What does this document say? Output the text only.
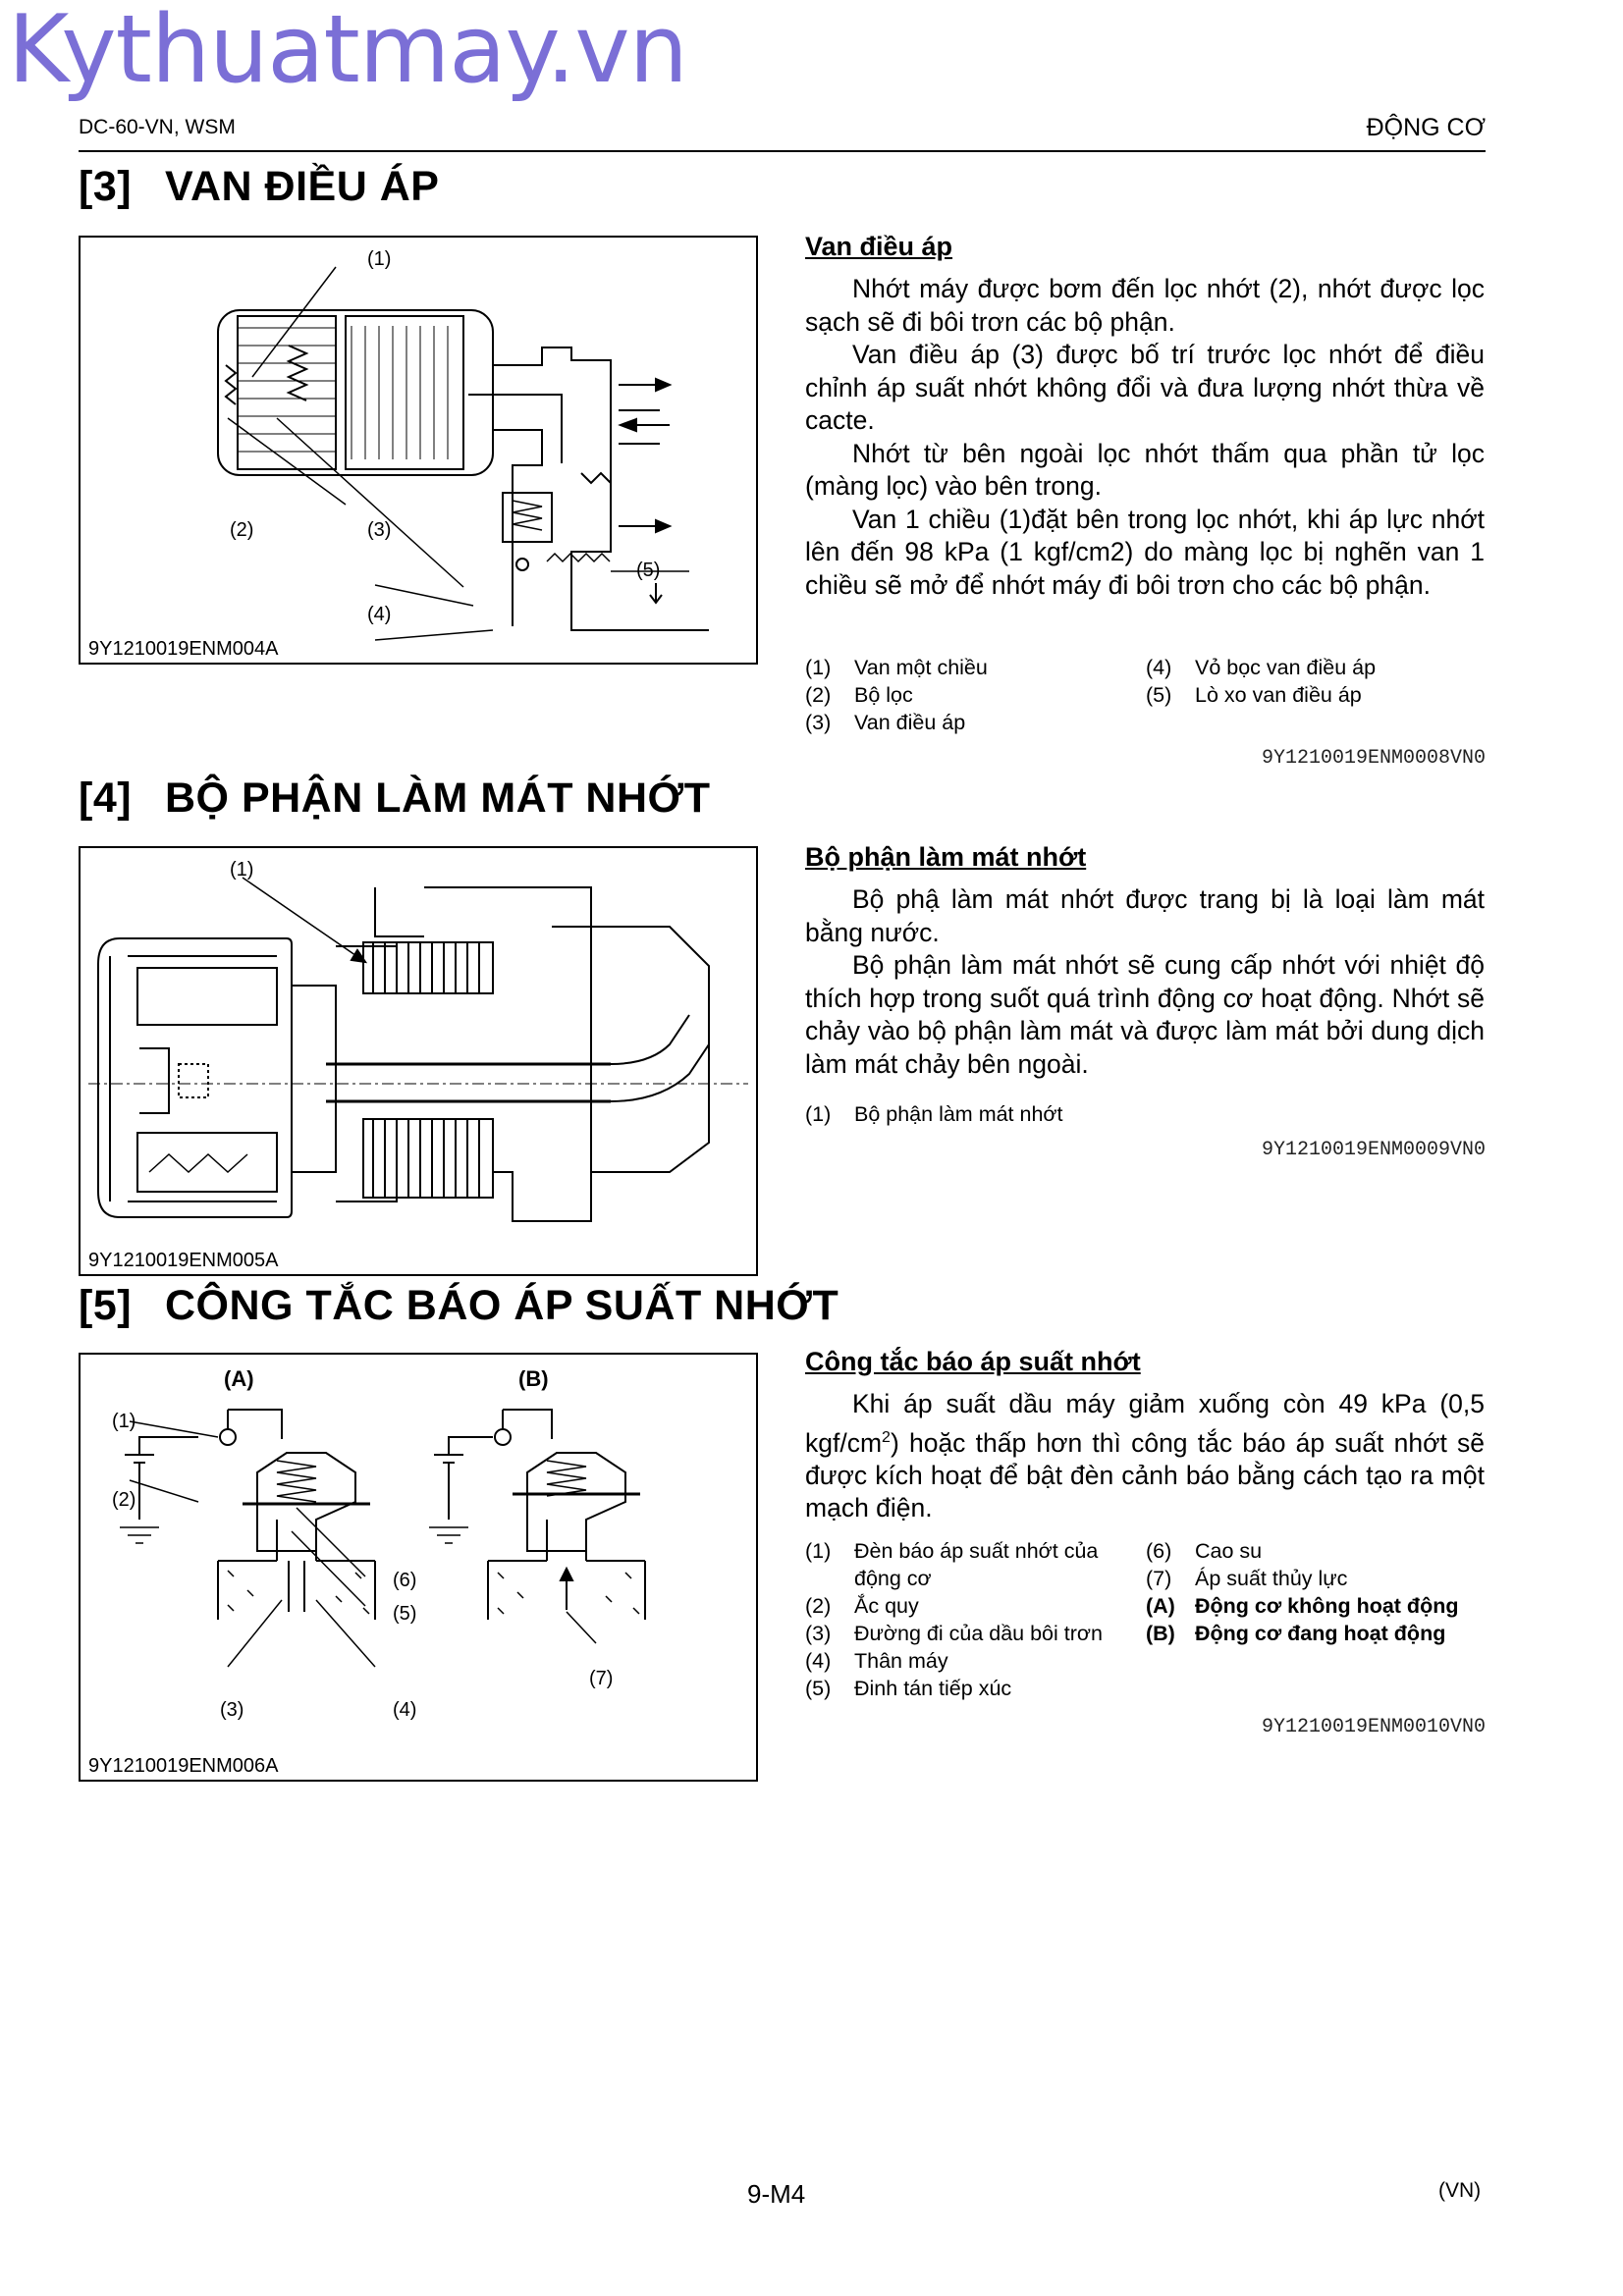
Kythuatmay.vn
DC-60-VN, WSM	ĐỘNG CƠ
[3] VAN ĐIỀU ÁP
(1)
(2)	(3)
(4)
(5)
9Y1210019ENM004A
Van điều áp

Nhớt máy được bơm đến lọc nhớt (2), nhớt được lọc sạch sẽ đi bôi trơn các bộ phận.

Van điều áp (3) được bố trí trước lọc nhớt để điều chỉnh áp suất nhớt không đổi và đưa lượng nhớt thừa về cacte.

Nhớt từ bên ngoài lọc nhớt thấm qua phần tử lọc (màng lọc) vào bên trong.

Van 1 chiều (1)đặt bên trong lọc nhớt, khi áp lực nhớt lên đến 98 kPa (1 kgf/cm2) do màng lọc bị nghẽn van 1 chiều sẽ mở để nhớt máy đi bôi trơn cho các bộ phận.

(1)	Van một chiều
(2)	Bộ lọc
(3)	Van điều áp
(4)	Vỏ bọc van điều áp
(5)	Lò xo van điều áp
9Y1210019ENM0008VN0
[4] BỘ PHẬN LÀM MÁT NHỚT
(1)
9Y1210019ENM005A
Bộ phận làm mát nhớt

Bộ phậ làm mát nhớt được trang bị là loại làm mát bằng nước.

Bộ phận làm mát nhớt sẽ cung cấp nhớt với nhiệt độ thích hợp trong suốt quá trình động cơ hoạt động. Nhớt sẽ chảy vào bộ phận làm mát và được làm mát bởi dung dịch làm mát chảy bên ngoài.

(1)	Bộ phận làm mát nhớt
9Y1210019ENM0009VN0
[5] CÔNG TẮC BÁO ÁP SUẤT NHỚT
(A)	(B)
(1)
(2)
(3)	(4)
(5)
(6)
(7)
9Y1210019ENM006A
Công tắc báo áp suất nhớt

Khi áp suất dầu máy giảm xuống còn 49 kPa (0,5 kgf/$cm^2$) hoặc thấp hơn thì công tắc báo áp suất nhớt sẽ được kích hoạt để bật đèn cảnh báo bằng cách tạo ra một mạch điện.

(1)	Đèn báo áp suất nhớt của động cơ
(2)	Ắc quy
(3)	Đường đi của dầu bôi trơn
(4)	Thân máy
(5)	Đinh tán tiếp xúc
(6)	Cao su
(7)	Áp suất thủy lực
(A) Động cơ không hoạt động
(B) Động cơ đang hoạt động
9Y1210019ENM0010VN0
9-M4	(VN)
